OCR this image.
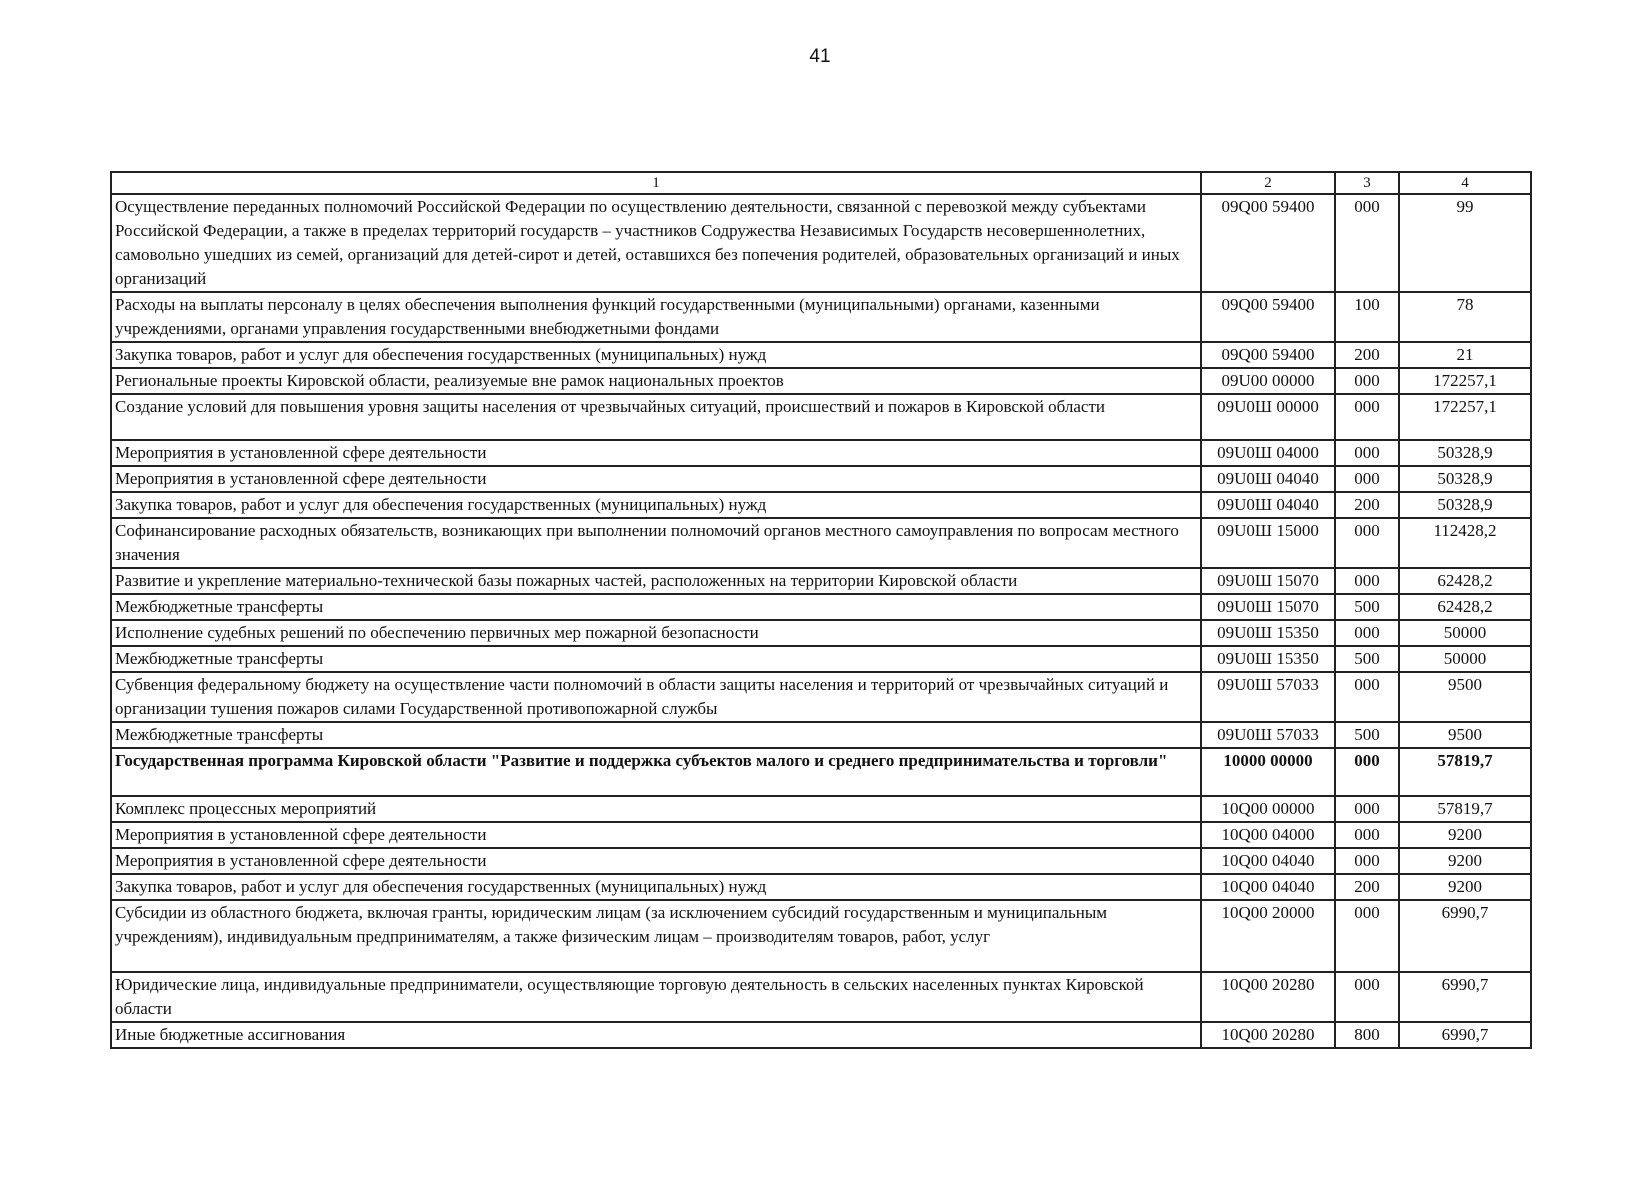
41
1	2	3	4
Осуществление переданных полномочий Российской Федерации по осуществлению деятельности, связанной с перевозкой между субъектами Российской Федерации, а также в пределах территорий государств – участников Содружества Независимых Государств несовершеннолетних, самовольно ушедших из семей, организаций для детей-сирот и детей, оставшихся без попечения родителей, образовательных организаций и иных организаций	09Q00 59400	000	99
Расходы на выплаты персоналу в целях обеспечения выполнения функций государственными (муниципальными) органами, казенными учреждениями, органами управления государственными внебюджетными фондами	09Q00 59400	100	78
Закупка товаров, работ и услуг для обеспечения государственных (муниципальных) нужд	09Q00 59400	200	21
Региональные проекты Кировской области, реализуемые вне рамок национальных проектов	09U00 00000	000	172257,1
Создание условий для повышения уровня защиты населения от чрезвычайных ситуаций, происшествий и пожаров в Кировской области	09U0Ш 00000	000	172257,1
Мероприятия в установленной сфере деятельности	09U0Ш 04000	000	50328,9
Мероприятия в установленной сфере деятельности	09U0Ш 04040	000	50328,9
Закупка товаров, работ и услуг для обеспечения государственных (муниципальных) нужд	09U0Ш 04040	200	50328,9
Софинансирование расходных обязательств, возникающих при выполнении полномочий органов местного самоуправления по вопросам местного значения	09U0Ш 15000	000	112428,2
Развитие и укрепление материально-технической базы пожарных частей, расположенных на территории Кировской области	09U0Ш 15070	000	62428,2
Межбюджетные трансферты	09U0Ш 15070	500	62428,2
Исполнение судебных решений по обеспечению первичных мер пожарной безопасности	09U0Ш 15350	000	50000
Межбюджетные трансферты	09U0Ш 15350	500	50000
Субвенция федеральному бюджету на осуществление части полномочий в области защиты населения и территорий от чрезвычайных ситуаций и организации тушения пожаров силами Государственной противопожарной службы	09U0Ш 57033	000	9500
Межбюджетные трансферты	09U0Ш 57033	500	9500
Государственная программа Кировской области "Развитие и поддержка субъектов малого и среднего предпринимательства и торговли"	10000 00000	000	57819,7
Комплекс процессных мероприятий	10Q00 00000	000	57819,7
Мероприятия в установленной сфере деятельности	10Q00 04000	000	9200
Мероприятия в установленной сфере деятельности	10Q00 04040	000	9200
Закупка товаров, работ и услуг для обеспечения государственных (муниципальных) нужд	10Q00 04040	200	9200
Субсидии из областного бюджета, включая гранты, юридическим лицам (за исключением субсидий государственным и муниципальным учреждениям), индивидуальным предпринимателям, а также физическим лицам – производителям товаров, работ, услуг	10Q00 20000	000	6990,7
Юридические лица, индивидуальные предприниматели, осуществляющие торговую деятельность в сельских населенных пунктах Кировской области	10Q00 20280	000	6990,7
Иные бюджетные ассигнования	10Q00 20280	800	6990,7
